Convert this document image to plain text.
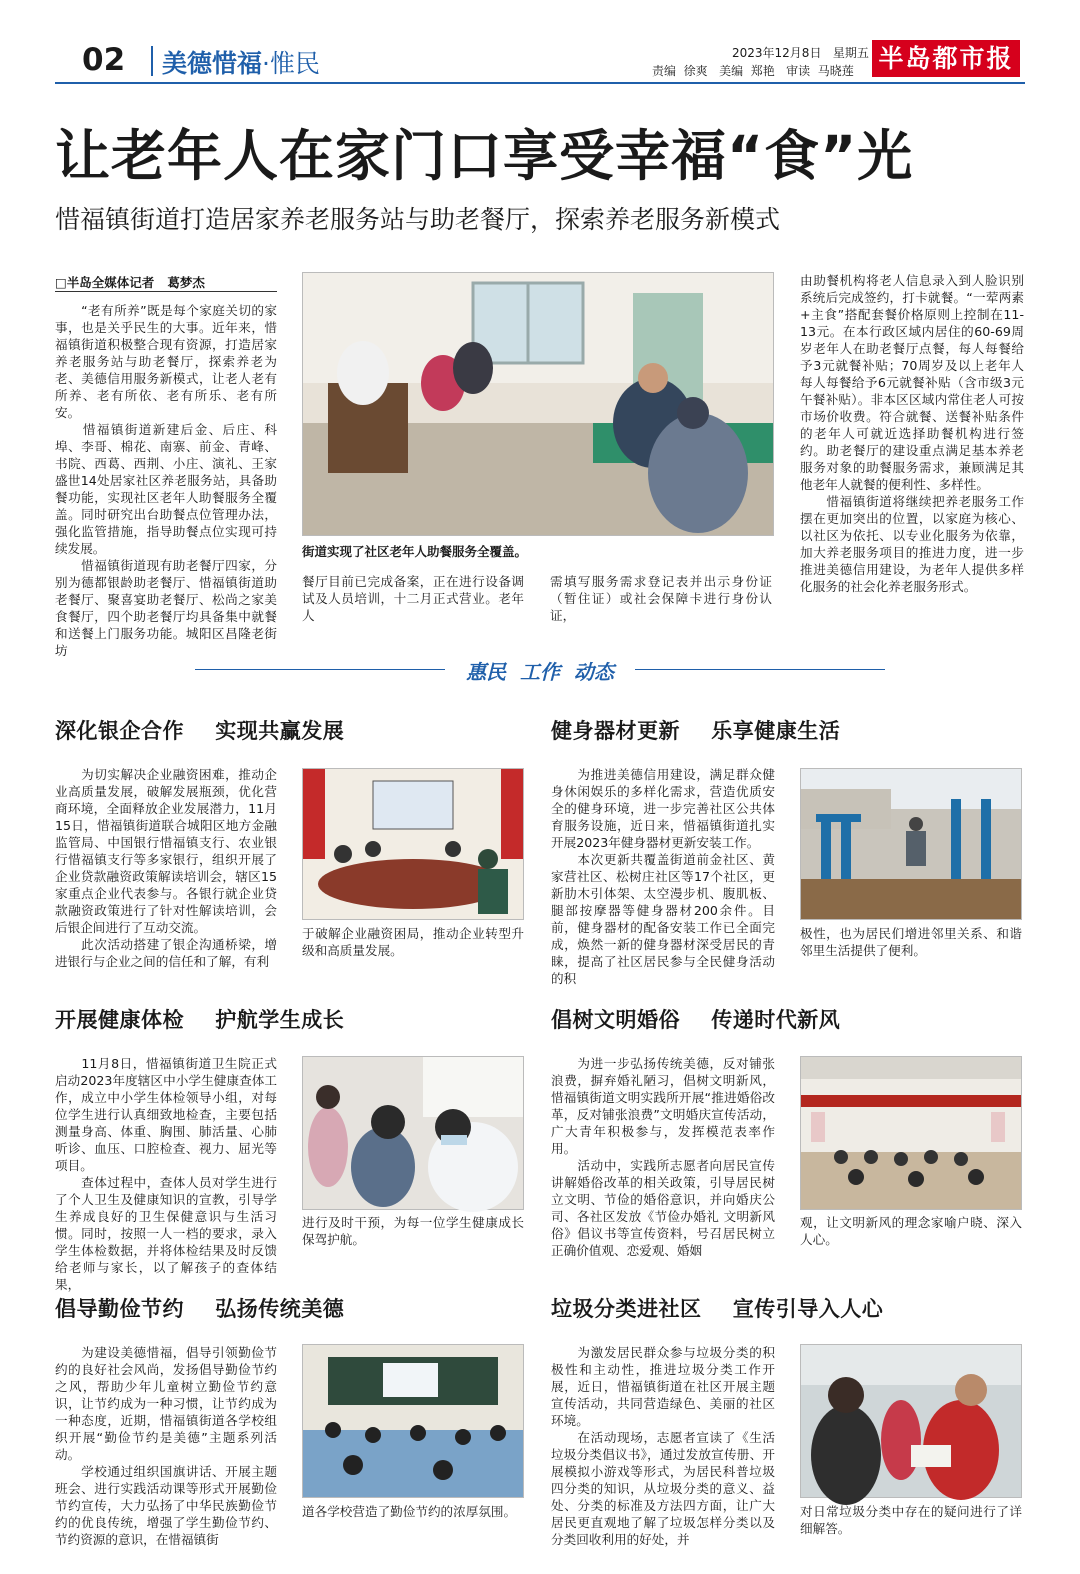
02 美德惜福·惟民	2023年12月8日   星期五
责编  徐爽   美编  郑艳   审读  马晓莲 半岛都市报
让老年人在家门口享受幸福“食”光
惜福镇街道打造居家养老服务站与助老餐厅，探索养老服务新模式
□半岛全媒体记者   葛梦杰
　　“老有所养”既是每个家庭关切的家事，也是关乎民生的大事。近年来，惜福镇街道积极整合现有资源，打造居家养老服务站与助老餐厅，探索养老为老、美德信用服务新模式，让老人老有所养、老有所依、老有所乐、老有所安。
　　惜福镇街道新建后金、后庄、科埠、李哥、棉花、南寨、前金、青峰、书院、西葛、西荆、小庄、演礼、王家盛世14处居家社区养老服务站，具备助餐功能，实现社区老年人助餐服务全覆盖。同时研究出台助餐点位管理办法，强化监管措施，指导助餐点位实现可持续发展。
　　惜福镇街道现有助老餐厅四家，分别为德都银龄助老餐厅、惜福镇街道助老餐厅、聚喜宴助老餐厅、松尚之家美食餐厅，四个助老餐厅均具备集中就餐和送餐上门服务功能。城阳区昌隆老街坊
街道实现了社区老年人助餐服务全覆盖。
餐厅目前已完成备案，正在进行设备调试及人员培训，十二月正式营业。老年人
需填写服务需求登记表并出示身份证（暂住证）或社会保障卡进行身份认证，
由助餐机构将老人信息录入到人脸识别系统后完成签约，打卡就餐。“一荤两素+主食”搭配套餐价格原则上控制在11-13元。在本行政区域内居住的60-69周岁老年人在助老餐厅点餐，每人每餐给予3元就餐补贴；70周岁及以上老年人每人每餐给予6元就餐补贴（含市级3元午餐补贴）。非本区区域内常住老人可按市场价收费。符合就餐、送餐补贴条件的老年人可就近选择助餐机构进行签约。助老餐厅的建设重点满足基本养老服务对象的助餐服务需求，兼顾满足其他老年人就餐的便利性、多样性。
　　惜福镇街道将继续把养老服务工作摆在更加突出的位置，以家庭为核心、以社区为依托、以专业化服务为依靠，加大养老服务项目的推进力度，进一步推进美德信用建设，为老年人提供多样化服务的社会化养老服务形式。
惠民  工作  动态
深化银企合作    实现共赢发展
　　为切实解决企业融资困难，推动企业高质量发展，破解发展瓶颈，优化营商环境，全面释放企业发展潜力，11月15日，惜福镇街道联合城阳区地方金融监管局、中国银行惜福镇支行、农业银行惜福镇支行等多家银行，组织开展了企业贷款融资政策解读培训会，辖区15家重点企业代表参与。各银行就企业贷款融资政策进行了针对性解读培训，会后银企间进行了互动交流。
　　此次活动搭建了银企沟通桥梁，增进银行与企业之间的信任和了解，有利
于破解企业融资困局，推动企业转型升级和高质量发展。
健身器材更新    乐享健康生活
　　为推进美德信用建设，满足群众健身休闲娱乐的多样化需求，营造优质安全的健身环境，进一步完善社区公共体育服务设施，近日来，惜福镇街道扎实开展2023年健身器材更新安装工作。
　　本次更新共覆盖街道前金社区、黄家营社区、松树庄社区等17个社区，更新肋木引体架、太空漫步机、腹肌板、腿部按摩器等健身器材200余件。目前，健身器材的配备安装工作已全面完成，焕然一新的健身器材深受居民的青睐，提高了社区居民参与全民健身活动的积
极性，也为居民们增进邻里关系、和谐邻里生活提供了便利。
开展健康体检    护航学生成长
　　11月8日，惜福镇街道卫生院正式启动2023年度辖区中小学生健康查体工作，成立中小学生体检领导小组，对每位学生进行认真细致地检查，主要包括测量身高、体重、胸围、肺活量、心肺听诊、血压、口腔检查、视力、屈光等项目。
　　查体过程中，查体人员对学生进行了个人卫生及健康知识的宣教，引导学生养成良好的卫生保健意识与生活习惯。同时，按照一人一档的要求，录入学生体检数据，并将体检结果及时反馈给老师与家长，以了解孩子的查体结果，
进行及时干预，为每一位学生健康成长保驾护航。
倡树文明婚俗    传递时代新风
　　为进一步弘扬传统美德，反对铺张浪费，摒弃婚礼陋习，倡树文明新风，惜福镇街道文明实践所开展“推进婚俗改革，反对铺张浪费”文明婚庆宣传活动，广大青年积极参与，发挥模范表率作用。
　　活动中，实践所志愿者向居民宣传讲解婚俗改革的相关政策，引导居民树立文明、节俭的婚俗意识，并向婚庆公司、各社区发放《节俭办婚礼 文明新风俗》倡议书等宣传资料，号召居民树立正确价值观、恋爱观、婚姻
观，让文明新风的理念家喻户晓、深入人心。
倡导勤俭节约    弘扬传统美德
　　为建设美德惜福，倡导引领勤俭节约的良好社会风尚，发扬倡导勤俭节约之风，帮助少年儿童树立勤俭节约意识，让节约成为一种习惯，让节约成为一种态度，近期，惜福镇街道各学校组织开展“勤俭节约是美德”主题系列活动。
　　学校通过组织国旗讲话、开展主题班会、进行实践活动课等形式开展勤俭节约宣传，大力弘扬了中华民族勤俭节约的优良传统，增强了学生勤俭节约、节约资源的意识，在惜福镇街
道各学校营造了勤俭节约的浓厚氛围。
垃圾分类进社区    宣传引导入人心
　　为激发居民群众参与垃圾分类的积极性和主动性，推进垃圾分类工作开展，近日，惜福镇街道在社区开展主题宣传活动，共同营造绿色、美丽的社区环境。
　　在活动现场，志愿者宣读了《生活垃圾分类倡议书》，通过发放宣传册、开展模拟小游戏等形式，为居民科普垃圾四分类的知识，从垃圾分类的意义、益处、分类的标准及方法四方面，让广大居民更直观地了解了垃圾怎样分类以及分类回收利用的好处，并
对日常垃圾分类中存在的疑问进行了详细解答。
